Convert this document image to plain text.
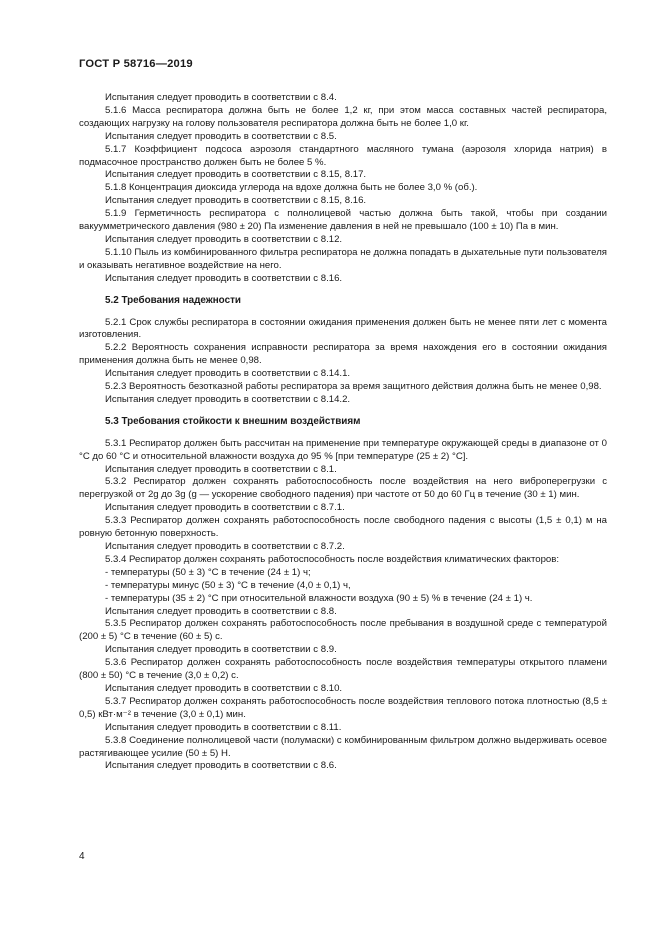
ГОСТ Р 58716—2019

Испытания следует проводить в соответствии с 8.4.

5.1.6 Масса респиратора должна быть не более 1,2 кг, при этом масса составных частей респиратора, создающих нагрузку на голову пользователя респиратора должна быть не более 1,0 кг.

Испытания следует проводить в соответствии с 8.5.

5.1.7 Коэффициент подсоса аэрозоля стандартного масляного тумана (аэрозоля хлорида натрия) в подмасочное пространство должен быть не более 5 %.

Испытания следует проводить в соответствии с 8.15, 8.17.

5.1.8 Концентрация диоксида углерода на вдохе должна быть не более 3,0 % (об.).

Испытания следует проводить в соответствии с 8.15, 8.16.

5.1.9 Герметичность респиратора с полнолицевой частью должна быть такой, чтобы при создании вакуумметрического давления (980 ± 20) Па изменение давления в ней не превышало (100 ± 10) Па в мин.

Испытания следует проводить в соответствии с 8.12.

5.1.10 Пыль из комбинированного фильтра респиратора не должна попадать в дыхательные пути пользователя и оказывать негативное воздействие на него.

Испытания следует проводить в соответствии с 8.16.

5.2 Требования надежности

5.2.1 Срок службы респиратора в состоянии ожидания применения должен быть не менее пяти лет с момента изготовления.

5.2.2 Вероятность сохранения исправности респиратора за время нахождения его в состоянии ожидания применения должна быть не менее 0,98.

Испытания следует проводить в соответствии с 8.14.1.

5.2.3 Вероятность безотказной работы респиратора за время защитного действия должна быть не менее 0,98.

Испытания следует проводить в соответствии с 8.14.2.

5.3 Требования стойкости к внешним воздействиям

5.3.1 Респиратор должен быть рассчитан на применение при температуре окружающей среды в диапазоне от 0 °С до 60 °С и относительной влажности воздуха до 95 % [при температуре (25 ± 2) °С].

Испытания следует проводить в соответствии с 8.1.

5.3.2 Респиратор должен сохранять работоспособность после воздействия на него виброперегрузки с перегрузкой от 2g до 3g (g — ускорение свободного падения) при частоте от 50 до 60 Гц в течение (30 ± 1) мин.

Испытания следует проводить в соответствии с 8.7.1.

5.3.3 Респиратор должен сохранять работоспособность после свободного падения с высоты (1,5 ± 0,1) м на ровную бетонную поверхность.

Испытания следует проводить в соответствии с 8.7.2.

5.3.4 Респиратор должен сохранять работоспособность после воздействия климатических факторов:

- температуры (50 ± 3) °С в течение (24 ± 1) ч;

- температуры минус (50 ± 3) °С в течение (4,0 ± 0,1) ч,

- температуры (35 ± 2) °С при относительной влажности воздуха (90 ± 5) % в течение (24 ± 1) ч.

Испытания следует проводить в соответствии с 8.8.

5.3.5 Респиратор должен сохранять работоспособность после пребывания в воздушной среде с температурой (200 ± 5) °С в течение (60 ± 5) с.

Испытания следует проводить в соответствии с 8.9.

5.3.6 Респиратор должен сохранять работоспособность после воздействия температуры открытого пламени (800 ± 50) °С в течение (3,0 ± 0,2) с.

Испытания следует проводить в соответствии с 8.10.

5.3.7 Респиратор должен сохранять работоспособность после воздействия теплового потока плотностью (8,5 ± 0,5) кВт·м⁻² в течение (3,0 ± 0,1) мин.

Испытания следует проводить в соответствии с 8.11.

5.3.8 Соединение полнолицевой части (полумаски) с комбинированным фильтром должно выдерживать осевое растягивающее усилие (50 ± 5) Н.

Испытания следует проводить в соответствии с 8.6.

4
